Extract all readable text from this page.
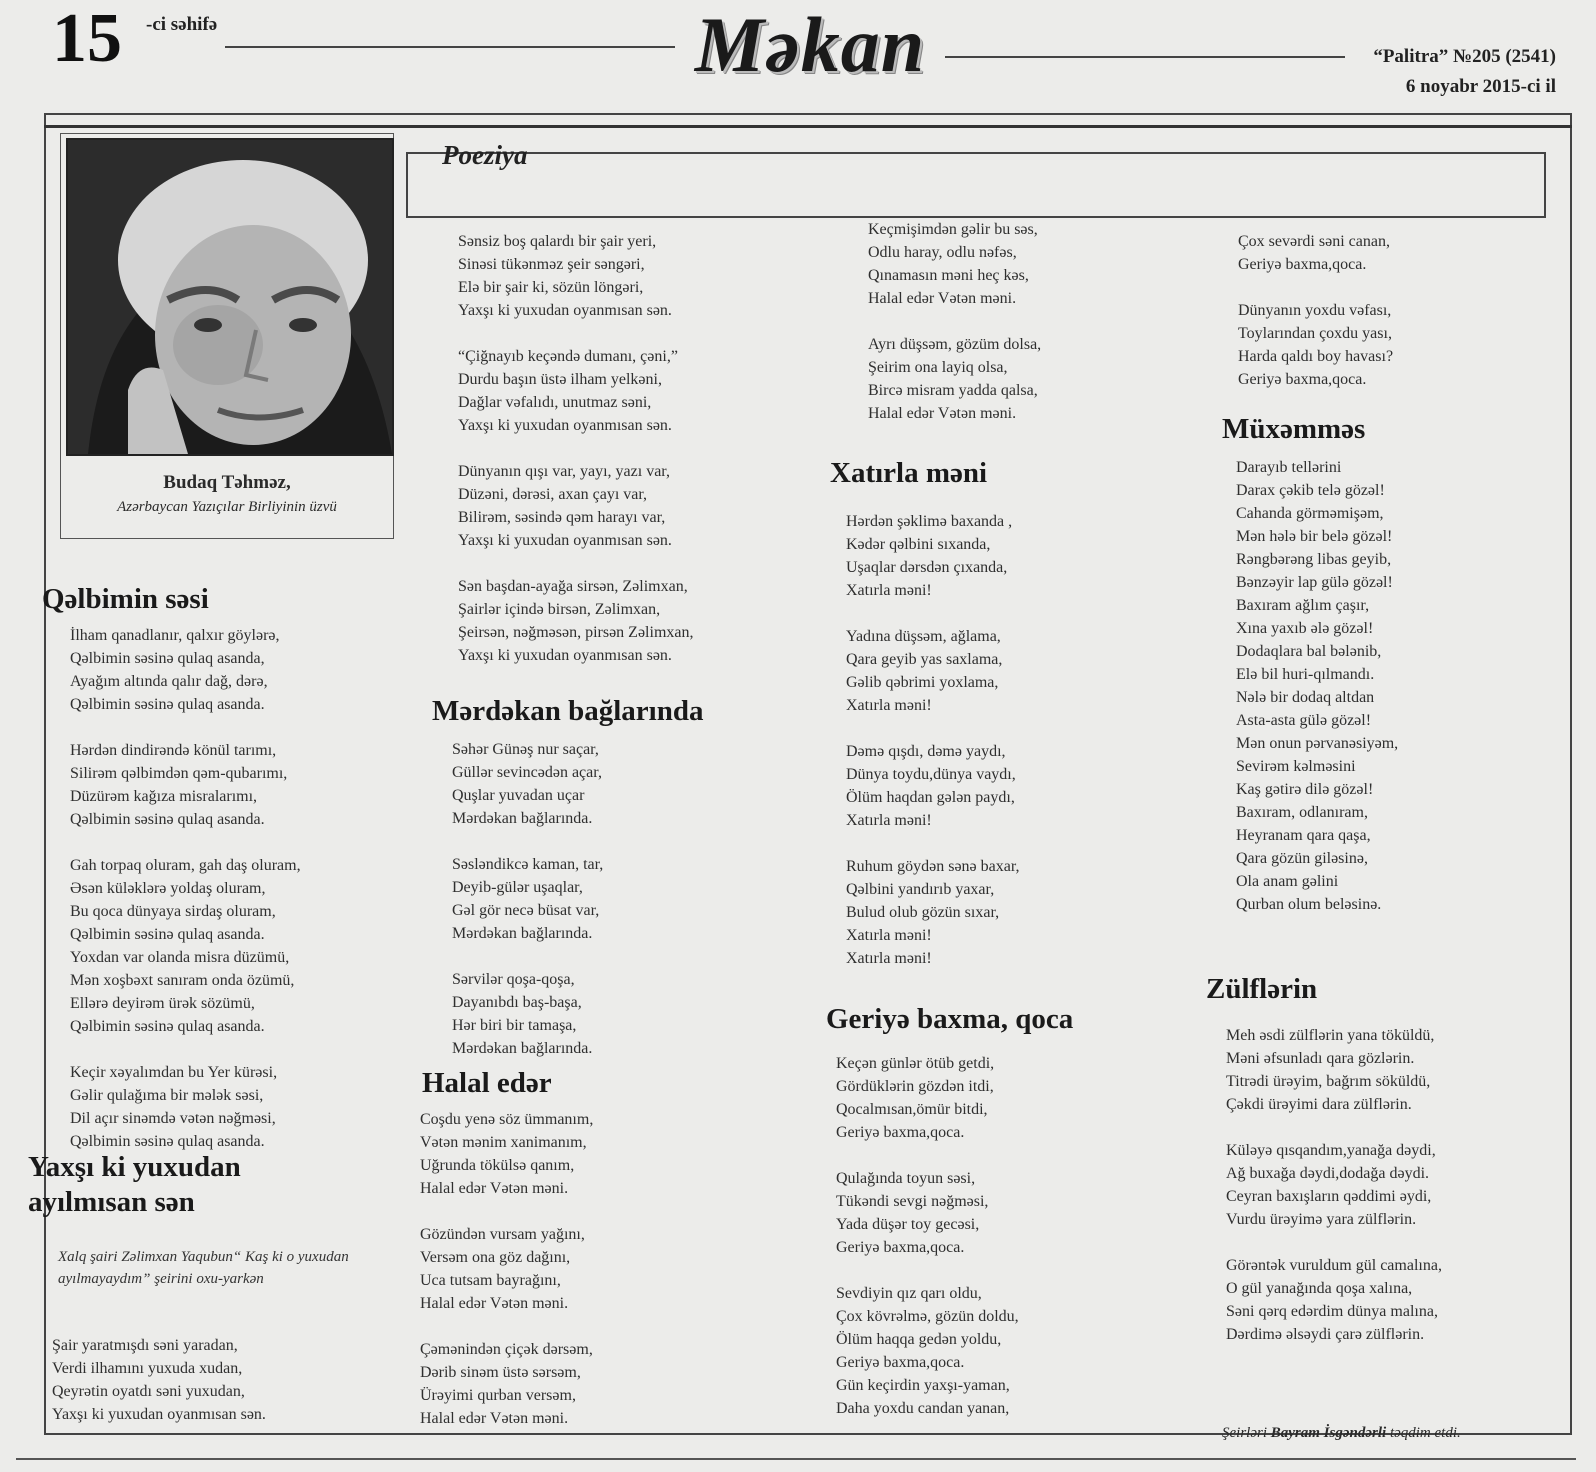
15 -ci səhifə	Məkan	“Palitra” №205 (2541)
6 noyabr 2015-ci il
Poeziya
Budaq Təhməz,
Azərbaycan Yazıçılar Birliyinin üzvü
Qəlbimin səsi
İlham qanadlanır, qalxır göylərə,
Qəlbimin səsinə qulaq asanda,
Ayağım altında qalır dağ, dərə,
Qəlbimin səsinə qulaq asanda.
Hərdən dindirəndə könül tarımı,
Silirəm qəlbimdən qəm-qubarımı,
Düzürəm kağıza misralarımı,
Qəlbimin səsinə qulaq asanda.
Gah torpaq oluram, gah daş oluram,
Əsən küləklərə yoldaş oluram,
Bu qoca dünyaya sirdaş oluram,
Qəlbimin səsinə qulaq asanda.
Yoxdan var olanda misra düzümü,
Mən xoşbəxt sanıram onda özümü,
Ellərə deyirəm ürək sözümü,
Qəlbimin səsinə qulaq asanda.
Keçir xəyalımdan bu Yer kürəsi,
Gəlir qulağıma bir mələk səsi,
Dil açır sinəmdə vətən nəğməsi,
Qəlbimin səsinə qulaq asanda.
Yaxşı ki yuxudan ayılmısan sən
Xalq şairi Zəlimxan Yaqubun“ Kaş ki o yuxudan ayılmayaydım” şeirini oxu-yarkən
Şair yaratmışdı səni yaradan,
Verdi ilhamını yuxuda xudan,
Qeyrətin oyatdı səni yuxudan,
Yaxşı ki yuxudan oyanmısan sən.
Sənsiz boş qalardı bir şair yeri,
Sinəsi tükənməz şeir səngəri,
Elə bir şair ki, sözün löngəri,
Yaxşı ki yuxudan oyanmısan sən.
“Çiğnayıb keçəndə dumanı, çəni,”
Durdu başın üstə ilham yelkəni,
Dağlar vəfalıdı, unutmaz səni,
Yaxşı ki yuxudan oyanmısan sən.
Dünyanın qışı var, yayı, yazı var,
Düzəni, dərəsi, axan çayı var,
Bilirəm, səsində qəm harayı var,
Yaxşı ki yuxudan oyanmısan sən.
Sən başdan-ayağa sirsən, Zəlimxan,
Şairlər içində birsən, Zəlimxan,
Şeirsən, nəğməsən, pirsən Zəlimxan,
Yaxşı ki yuxudan oyanmısan sən.
Mərdəkan bağlarında
Səhər Günəş nur saçar,
Güllər sevincədən açar,
Quşlar yuvadan uçar
Mərdəkan bağlarında.
Səsləndikcə kaman, tar,
Deyib-gülər uşaqlar,
Gəl gör necə büsat var,
Mərdəkan bağlarında.
Sərvilər qoşa-qoşa,
Dayanıbdı baş-başa,
Hər biri bir tamaşa,
Mərdəkan bağlarında.
Halal edər
Coşdu yenə söz ümmanım,
Vətən mənim xanimanım,
Uğrunda tökülsə qanım,
Halal edər Vətən məni.
Gözündən vursam yağını,
Versəm ona göz dağını,
Uca tutsam bayrağını,
Halal edər Vətən məni.
Çəmənindən çiçək dərsəm,
Dərib sinəm üstə sərsəm,
Ürəyimi qurban versəm,
Halal edər Vətən məni.
Keçmişimdən gəlir bu səs,
Odlu haray, odlu nəfəs,
Qınamasın məni heç kəs,
Halal edər Vətən məni.
Ayrı düşsəm, gözüm dolsa,
Şeirim ona layiq olsa,
Bircə misram yadda qalsa,
Halal edər Vətən məni.
Xatırla məni
Hərdən şəklimə baxanda ,
Kədər qəlbini sıxanda,
Uşaqlar dərsdən çıxanda,
Xatırla məni!
Yadına düşsəm, ağlama,
Qara geyib yas saxlama,
Gəlib qəbrimi yoxlama,
Xatırla məni!
Dəmə qışdı, dəmə yaydı,
Dünya toydu,dünya vaydı,
Ölüm haqdan gələn paydı,
Xatırla məni!
Ruhum göydən sənə baxar,
Qəlbini yandırıb yaxar,
Bulud olub gözün sıxar,
Xatırla məni!
Xatırla məni!
Geriyə baxma, qoca
Keçən günlər ötüb getdi,
Gördüklərin gözdən itdi,
Qocalmısan,ömür bitdi,
Geriyə baxma,qoca.
Qulağında toyun səsi,
Tükəndi sevgi nəğməsi,
Yada düşər toy gecəsi,
Geriyə baxma,qoca.
Sevdiyin qız qarı oldu,
Çox kövrəlmə, gözün doldu,
Ölüm haqqa gedən yoldu,
Geriyə baxma,qoca.
Gün keçirdin yaxşı-yaman,
Daha yoxdu candan yanan,
Çox sevərdi səni canan,
Geriyə baxma,qoca.
Dünyanın yoxdu vəfası,
Toylarından çoxdu yası,
Harda qaldı boy havası?
Geriyə baxma,qoca.
Müxəmməs
Darayıb tellərini
Darax çəkib telə gözəl!
Cahanda görməmişəm,
Mən hələ bir belə gözəl!
Rəngbərəng libas geyib,
Bənzəyir lap gülə gözəl!
Baxıram ağlım çaşır,
Xına yaxıb ələ gözəl!
Dodaqlara bal bələnib,
Elə bil huri-qılmandı.
Nələ bir dodaq altdan
Asta-asta gülə gözəl!
Mən onun pərvanəsiyəm,
Sevirəm kəlməsini
Kaş gətirə dilə gözəl!
Baxıram, odlanıram,
Heyranam qara qaşa,
Qara gözün giləsinə,
Ola anam gəlini
Qurban olum beləsinə.
Zülflərin
Meh əsdi zülflərin yana töküldü,
Məni əfsunladı qara gözlərin.
Titrədi ürəyim, bağrım söküldü,
Çəkdi ürəyimi dara zülflərin.
Küləyə qısqandım,yanağa dəydi,
Ağ buxağa dəydi,dodağa dəydi.
Ceyran baxışların qəddimi əydi,
Vurdu ürəyimə yara zülflərin.
Görəntək vuruldum gül camalına,
O gül yanağında qoşa xalına,
Səni qərq edərdim dünya malına,
Dərdimə əlsəydi çarə zülflərin.
Şeirləri Bayram İsgəndərli təqdim etdi.
